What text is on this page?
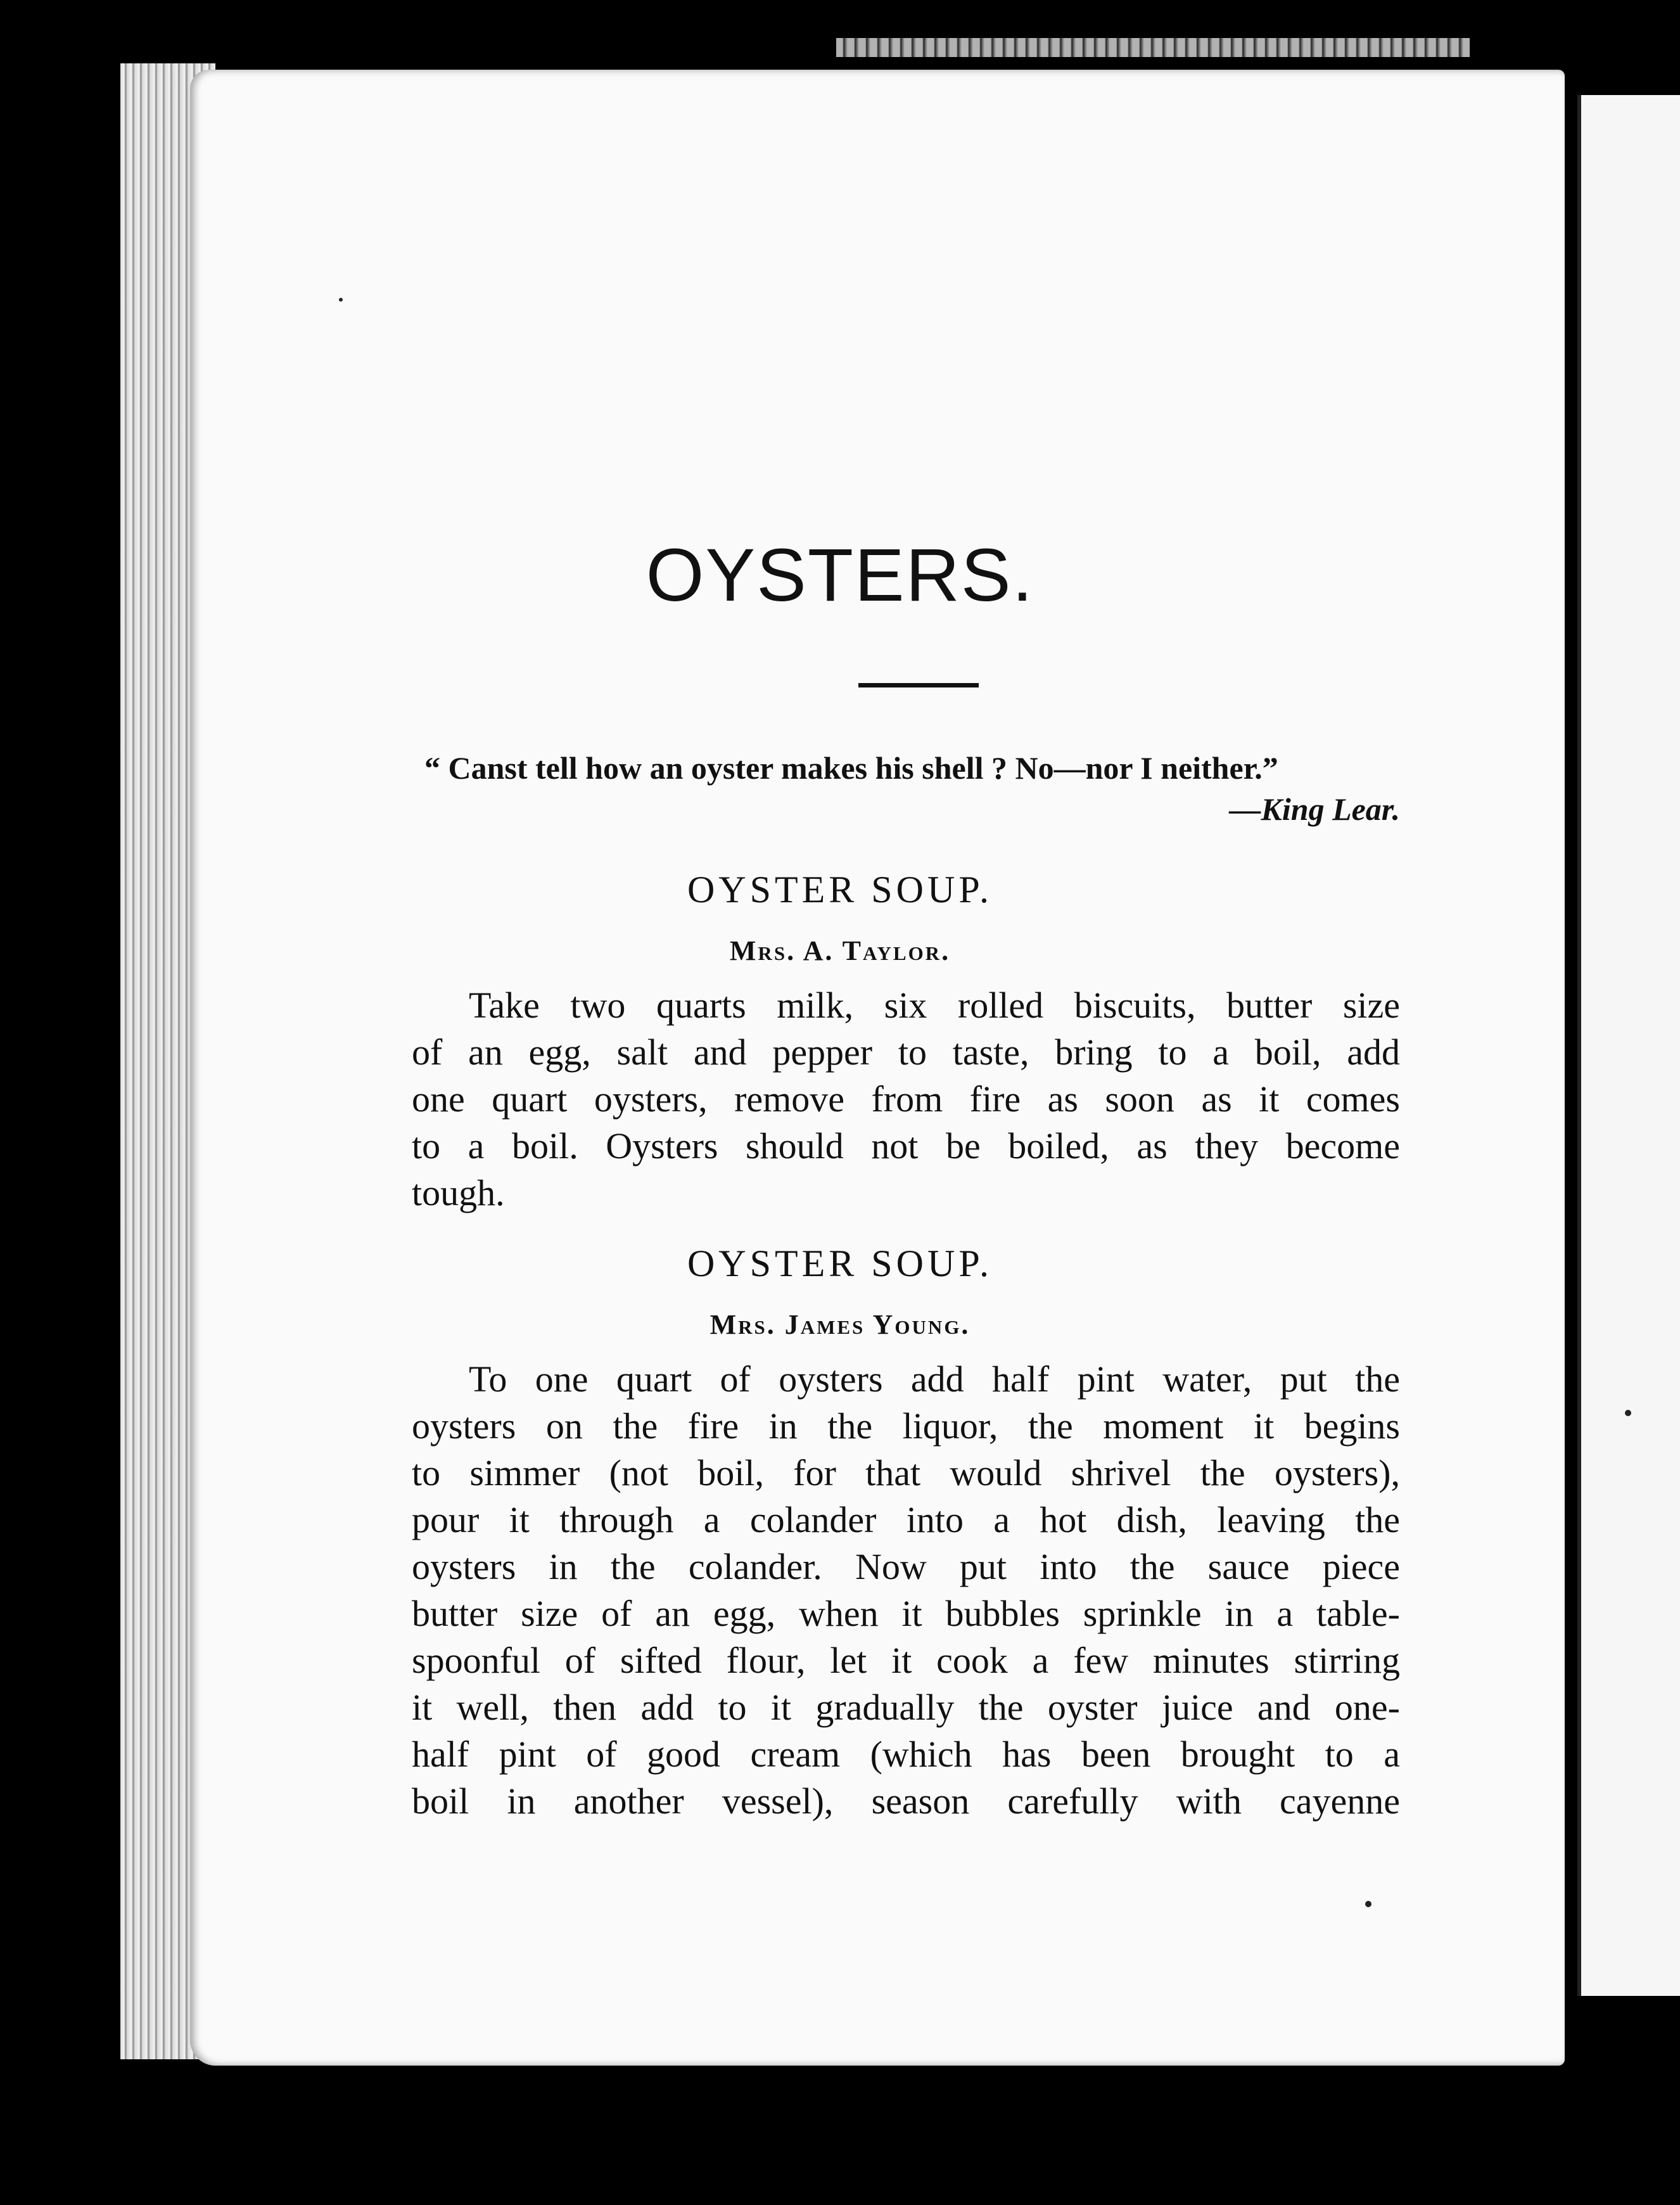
OYSTERS.
“ Canst tell how an oyster makes his shell ? No—nor I neither.”
—King Lear.
OYSTER SOUP.
Mrs. A. Taylor.

Take two quarts milk, six rolled biscuits, butter size
of an egg, salt and pepper to taste, bring to a boil, add
one quart oysters, remove from fire as soon as it comes
to a boil. Oysters should not be boiled, as they become
tough.

OYSTER SOUP.
Mrs. James Young.

To one quart of oysters add half pint water, put the
oysters on the fire in the liquor, the moment it begins
to simmer (not boil, for that would shrivel the oysters),
pour it through a colander into a hot dish, leaving the
oysters in the colander. Now put into the sauce piece
butter size of an egg, when it bubbles sprinkle in a table-
spoonful of sifted flour, let it cook a few minutes stirring
it well, then add to it gradually the oyster juice and one-
half pint of good cream (which has been brought to a
boil in another vessel), season carefully with cayenne
